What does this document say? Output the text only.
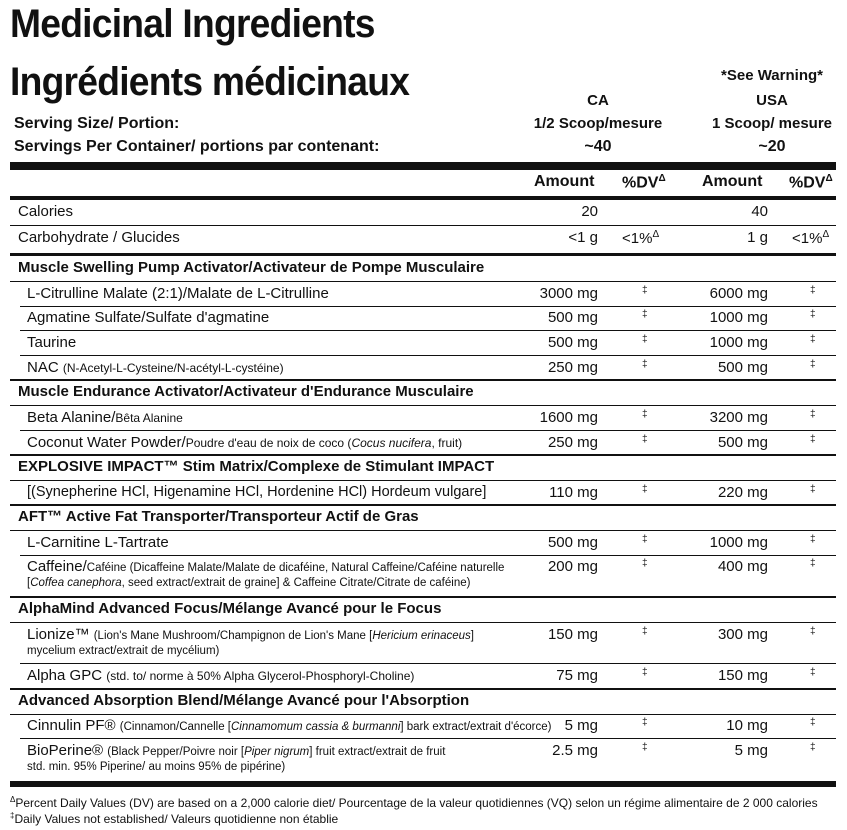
Medicinal Ingredients
Ingrédients médicinaux	*See Warning*
CA	USA
Serving Size/ Portion:	1/2 Scoop/mesure	1 Scoop/ mesure
Servings Per Container/ portions par contenant:	~40	~20
Amount $\%DV^\Delta$ Amount $\%DV^\Delta$
Calories	20	40
Carbohydrate / Glucides	<1 g <1%$^\Delta$	1 g <1%$^\Delta$
Muscle Swelling Pump Activator/Activateur de Pompe Musculaire
L-Citrulline Malate (2:1)/Malate de L-Citrulline	3000 mg	‡	6000 mg	‡
Agmatine Sulfate/Sulfate d'agmatine	500 mg	‡	1000 mg	‡
Taurine	500 mg	‡	1000 mg	‡
NAC (N-Acetyl-L-Cysteine/N-acétyl-L-cystéine)	250 mg	‡	500 mg	‡
Muscle Endurance Activator/Activateur d'Endurance Musculaire
Beta Alanine/Bêta Alanine	1600 mg	‡	3200 mg	‡
Coconut Water Powder/Poudre d'eau de noix de coco (Cocus nucifera, fruit)	250 mg	‡	500 mg	‡
EXPLOSIVE IMPACT™ Stim Matrix/Complexe de Stimulant IMPACT
[(Synepherine HCl, Higenamine HCl, Hordenine HCl) Hordeum vulgare]	110 mg	‡	220 mg	‡
AFT™ Active Fat Transporter/Transporteur Actif de Gras
L-Carnitine L-Tartrate	500 mg	‡	1000 mg	‡
Caffeine/Caféine (Dicaffeine Malate/Malate de dicaféine, Natural Caffeine/Caféine naturelle
[Coffea canephora, seed extract/extrait de graine] & Caffeine Citrate/Citrate de caféine)
200 mg	‡	400 mg	‡
AlphaMind Advanced Focus/Mélange Avancé pour le Focus
Lionize™ (Lion's Mane Mushroom/Champignon de Lion's Mane [Hericium erinaceus]
mycelium extract/extrait de mycélium)
150 mg	‡	300 mg	‡
Alpha GPC (std. to/ norme à 50% Alpha Glycerol-Phosphoryl-Choline)	75 mg	‡	150 mg	‡
Advanced Absorption Blend/Mélange Avancé pour l'Absorption
Cinnulin PF® (Cinnamon/Cannelle [Cinnamomum cassia & burmanni] bark extract/extrait d'écorce) 5 mg	‡	10 mg	‡
BioPerine® (Black Pepper/Poivre noir [Piper nigrum] fruit extract/extrait de fruit
std. min. 95% Piperine/ au moins 95% de pipérine)
2.5 mg	‡	5 mg	‡
$^\Delta$Percent Daily Values (DV) are based on a 2,000 calorie diet/ Pourcentage de la valeur quotidiennes (VQ) selon un régime alimentaire de 2 000 calories
‡Daily Values not established/ Valeurs quotidienne non établie
